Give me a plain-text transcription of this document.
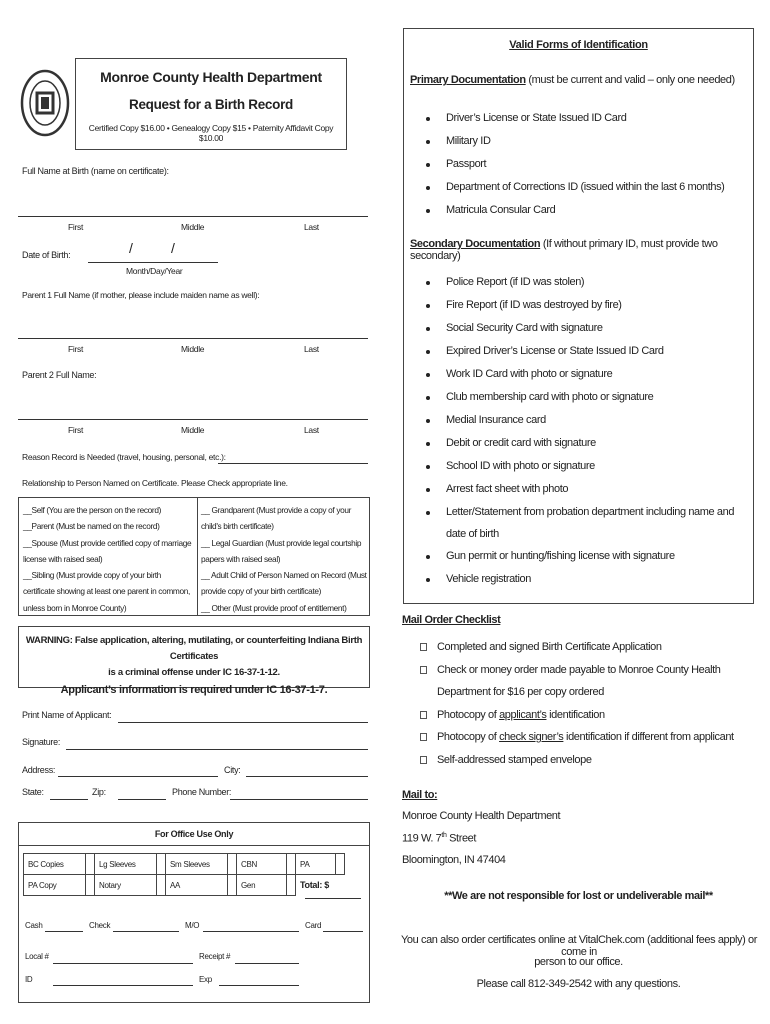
Monroe County Health Department
Request for a Birth Record
Certified Copy $16.00 • Genealogy Copy $15 • Paternity Affidavit Copy $10.00
Full Name at Birth (name on certificate):
First	Middle	Last
Date of Birth:	/	/
Month/Day/Year
Parent 1 Full Name (if mother, please include maiden name as well):
First	Middle	Last
Parent 2 Full Name:
First	Middle	Last
Reason Record is Needed (travel, housing, personal, etc.):
Relationship to Person Named on Certificate. Please Check appropriate line.
__Self (You are the person on the record)
__Parent (Must be named on the record)
__Spouse (Must provide certified copy of marriage
license with raised seal)
__Sibling (Must provide copy of your birth
certificate showing at least one parent in common,
unless born in Monroe County)
__ Grandparent (Must provide a copy of your
child's birth certificate)
__ Legal Guardian (Must provide legal courtship
papers with raised seal)
__ Adult Child of Person Named on Record (Must
provide copy of your birth certificate)
__ Other (Must provide proof of entitlement)
WARNING: False application, altering, mutilating, or counterfeiting Indiana Birth Certificates
is a criminal offense under IC 16-37-1-12.
Applicant’s information is required under IC 16-37-1-7.
Print Name of Applicant:
Signature:
Address:	City:
State:	Zip:	Phone Number:
For Office Use Only
BC Copies		Lg Sleeves		Sm Sleeves		CBN		PA	
PA Copy		Notary		AA		Gen		Total: $	
Cash	Check	M/O	Card
Local #	Receipt #
ID	Exp
Valid Forms of Identification
Primary Documentation (must be current and valid – only one needed)
Driver’s License or State Issued ID Card
Military ID
Passport
Department of Corrections ID (issued within the last 6 months)
Matricula Consular Card
Secondary Documentation (If without primary ID, must provide two secondary)
Police Report (if ID was stolen)
Fire Report (if ID was destroyed by fire)
Social Security Card with signature
Expired Driver’s License or State Issued ID Card
Work ID Card with photo or signature
Club membership card with photo or signature
Medial Insurance card
Debit or credit card with signature
School ID with photo or signature
Arrest fact sheet with photo
Letter/Statement from probation department including name and date of birth
Gun permit or hunting/fishing license with signature
Vehicle registration
Mail Order Checklist
Completed and signed Birth Certificate Application
Check or money order made payable to Monroe County Health Department for $16 per copy ordered
Photocopy of applicant’s identification
Photocopy of check signer’s identification if different from applicant
Self-addressed stamped envelope
Mail to:
Monroe County Health Department
119 W. 7th Street
Bloomington, IN 47404
**We are not responsible for lost or undeliverable mail**
You can also order certificates online at VitalChek.com (additional fees apply) or come in
person to our office.
Please call 812-349-2542 with any questions.
